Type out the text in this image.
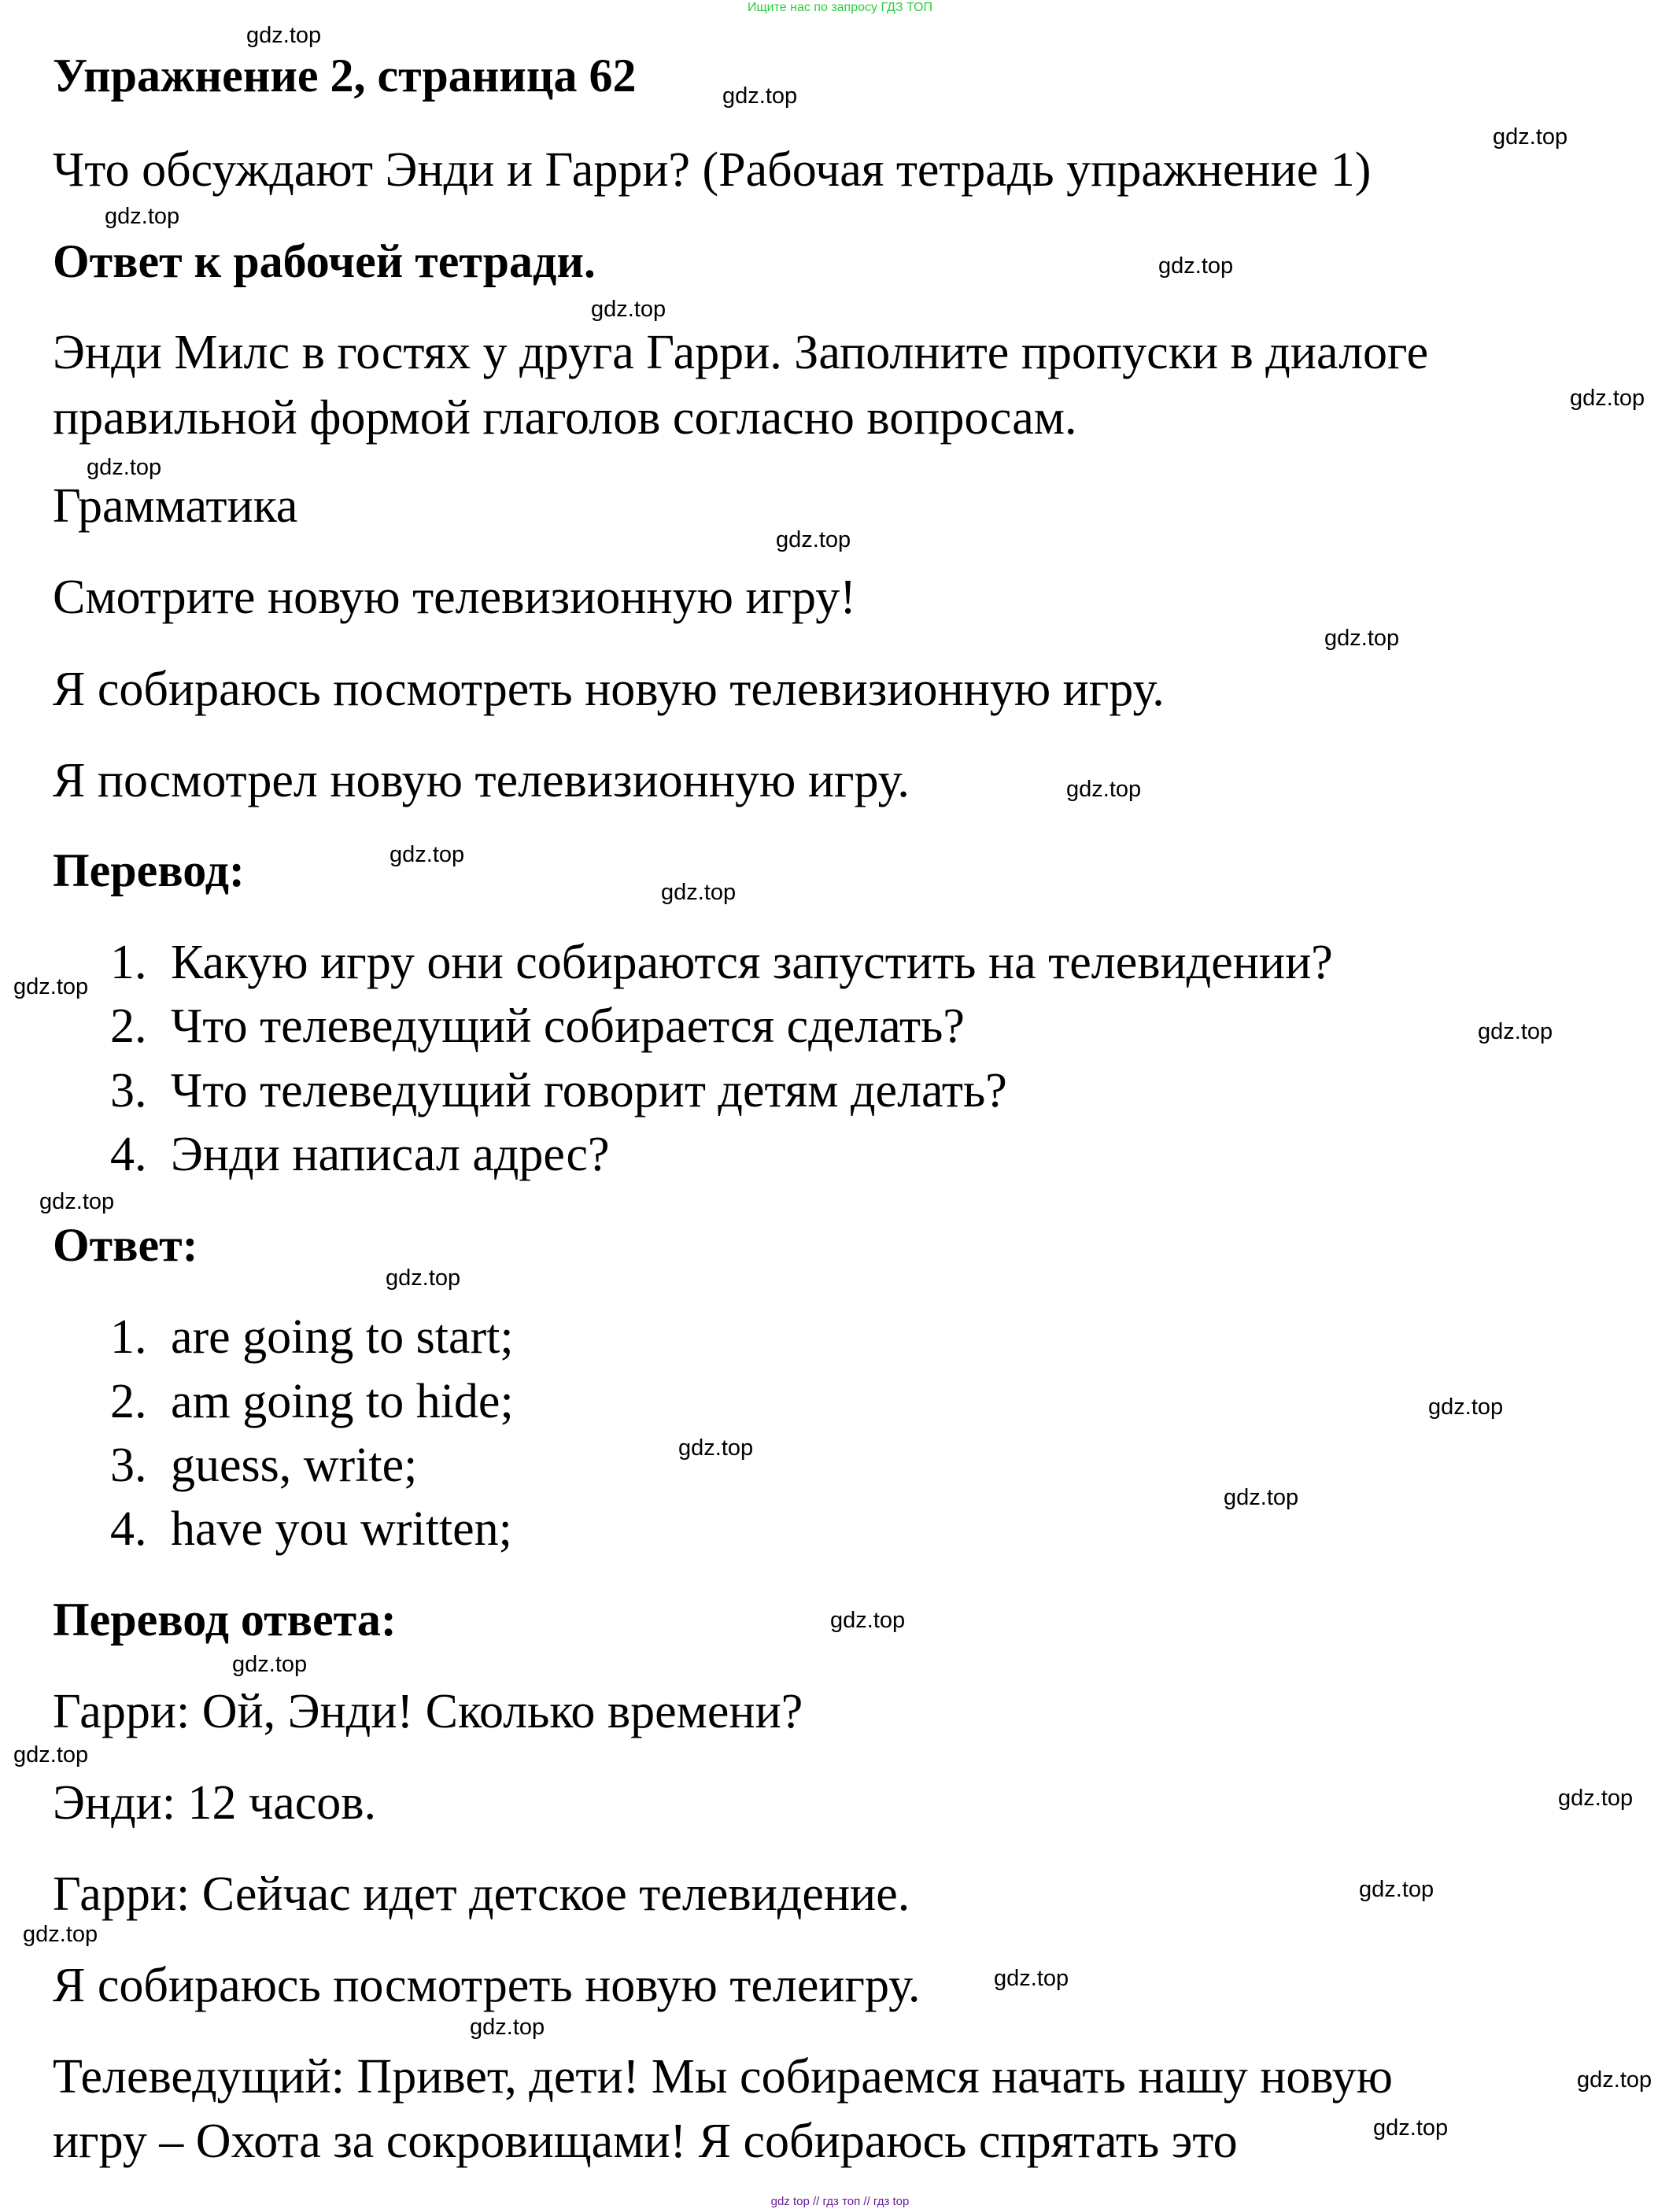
Ищите нас по запросу ГДЗ ТОП
Упражнение 2, страница 62
Что обсуждают Энди и Гарри? (Рабочая тетрадь упражнение 1)
Ответ к рабочей тетради.
Энди Милс в гостях у друга Гарри. Заполните пропуски в диалоге
правильной формой глаголов согласно вопросам.
Грамматика
Смотрите новую телевизионную игру!
Я собираюсь посмотреть новую телевизионную игру.
Я посмотрел новую телевизионную игру.
Перевод:
1. Какую игру они собираются запустить на телевидении?
2. Что телеведущий собирается сделать?
3. Что телеведущий говорит детям делать?
4. Энди написал адрес?
Ответ:
1. are going to start;
2. am going to hide;
3. guess, write;
4. have you written;
Перевод ответа:
Гарри: Ой, Энди! Сколько времени?
Энди: 12 часов.
Гарри: Сейчас идет детское телевидение.
Я собираюсь посмотреть новую телеигру.
Телеведущий: Привет, дети! Мы собираемся начать нашу новую
игру – Охота за сокровищами! Я собираюсь спрятать это
gdz.top
gdz.top
gdz.top
gdz.top
gdz.top
gdz.top
gdz.top
gdz.top
gdz.top
gdz.top
gdz.top
gdz.top
gdz.top
gdz.top
gdz.top
gdz.top
gdz.top
gdz.top
gdz.top
gdz.top
gdz.top
gdz.top
gdz.top
gdz.top
gdz.top
gdz.top
gdz.top
gdz.top
gdz.top
gdz.top
gdz top // гдз топ // гдз top
